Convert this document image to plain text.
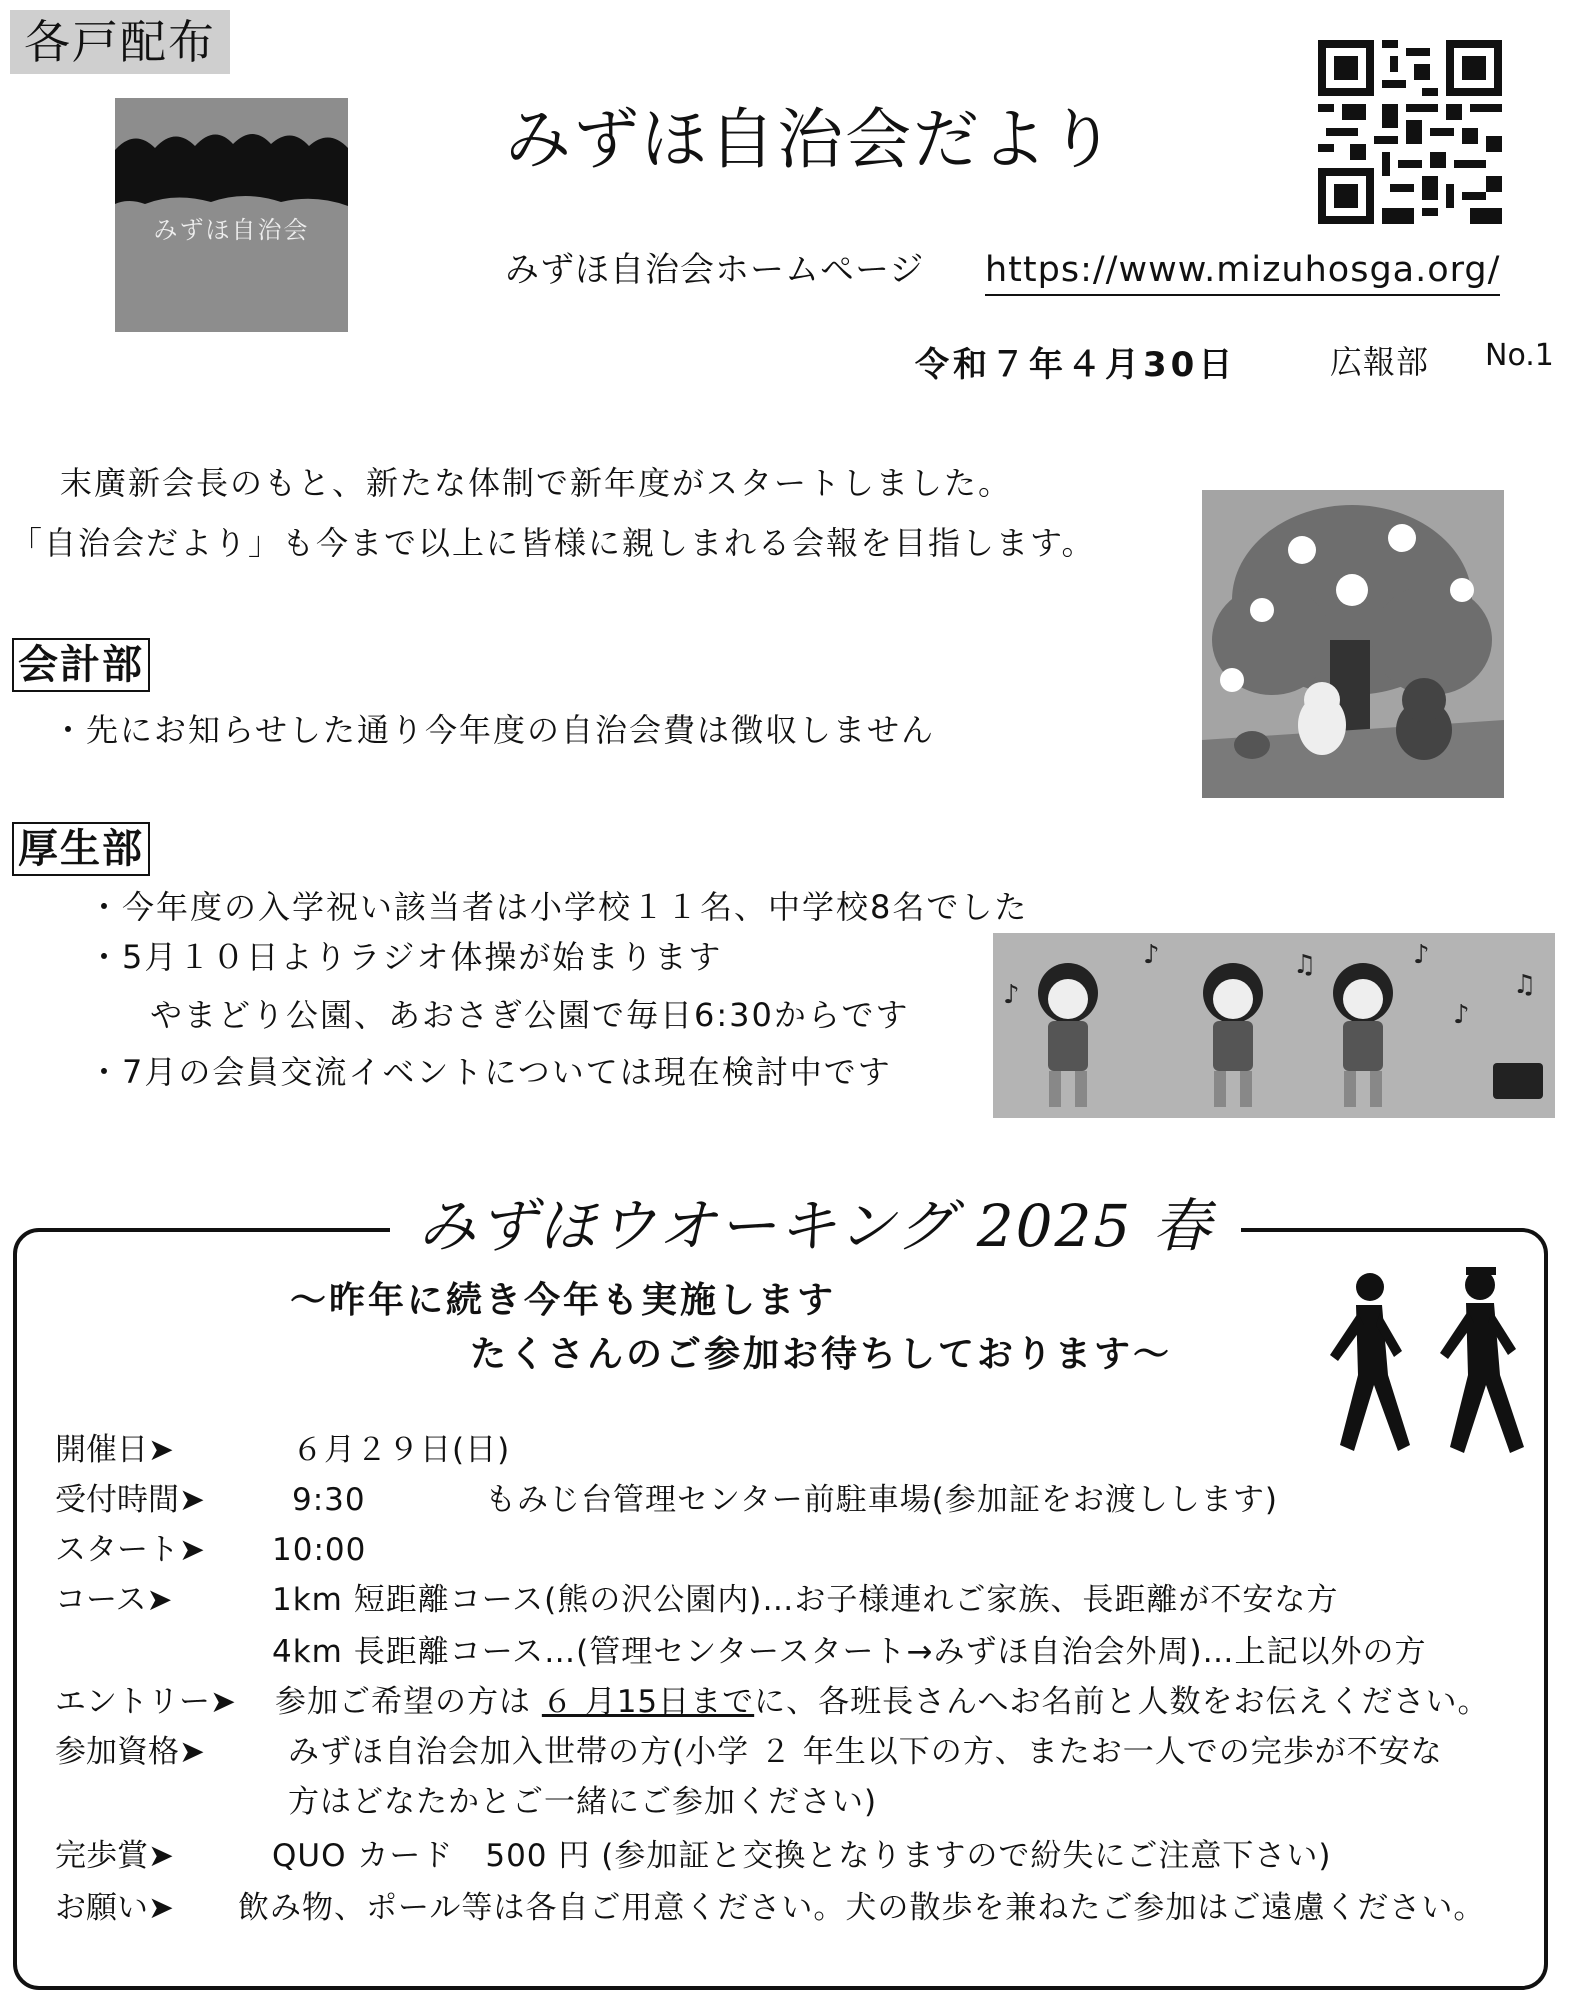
各戸配布
みずほ自治会
みずほ自治会だより
みずほ自治会ホームページ https://www.mizuhosga.org/
令和７年４月30日	広報部 No.1
末廣新会長のもと、新たな体制で新年度がスタートしました。
「自治会だより」も今まで以上に皆様に親しまれる会報を目指します。
会計部
・先にお知らせした通り今年度の自治会費は徴収しません
厚生部
・今年度の入学祝い該当者は小学校１１名、中学校8名でした
・5月１０日よりラジオ体操が始まります
やまどり公園、あおさぎ公園で毎日6:30からです
・7月の会員交流イベントについては現在検討中です
♪
♪	♫	♪
♪
♫
みずほウオーキング 2025 春
～昨年に続き今年も実施します
たくさんのご参加お待ちしております～
開催日➤	６月２９日(日)
受付時間➤	9:30	もみじ台管理センター前駐車場(参加証をお渡しします)
スタート➤ 10:00
コース➤	1km 短距離コース(熊の沢公園内)…お子様連れご家族、長距離が不安な方
4km 長距離コース…(管理センタースタート→みずほ自治会外周)…上記以外の方
エントリー➤ 参加ご希望の方は ６ 月15日までに、各班長さんへお名前と人数をお伝えください。
参加資格➤	みずほ自治会加入世帯の方(小学 ２ 年生以下の方、またお一人での完歩が不安な
方はどなたかとご一緒にご参加ください)
完歩賞➤	QUO カード　500 円 (参加証と交換となりますので紛失にご注意下さい)
お願い➤ 飲み物、ポール等は各自ご用意ください。犬の散歩を兼ねたご参加はご遠慮ください。
